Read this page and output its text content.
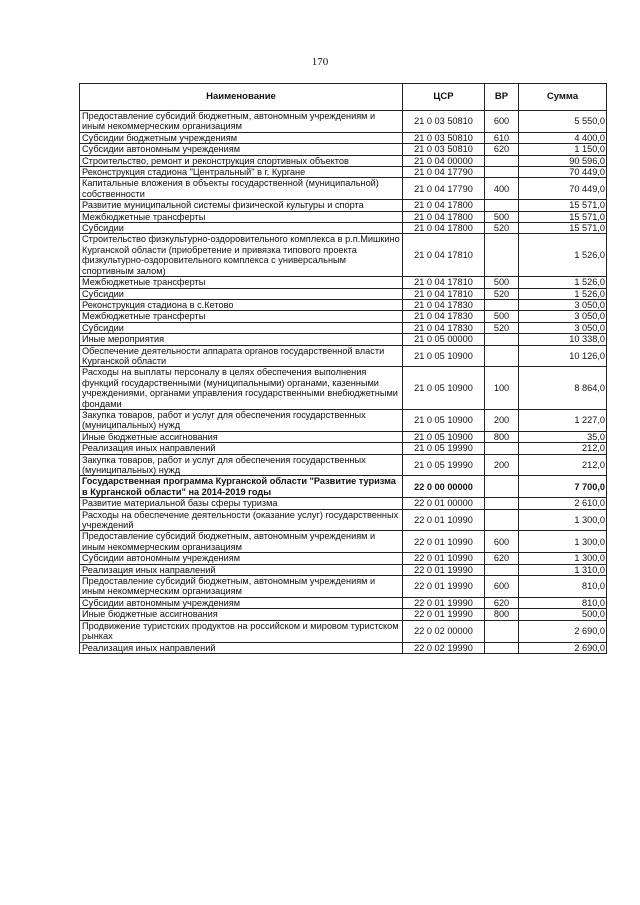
170
Наименование	ЦСР	ВР	Сумма
Предоставление субсидий бюджетным, автономным учреждениям и иным некоммерческим организациям	21 0 03 50810	600	5 550,0
Субсидии бюджетным учреждениям	21 0 03 50810	610	4 400,0
Субсидии автономным учреждениям	21 0 03 50810	620	1 150,0
Строительство, ремонт и реконструкция спортивных объектов	21 0 04 00000		90 596,0
Реконструкция стадиона "Центральный" в г. Кургане	21 0 04 17790		70 449,0
Капитальные вложения в объекты государственной (муниципальной) собственности	21 0 04 17790	400	70 449,0
Развитие муниципальной системы физической культуры и спорта	21 0 04 17800		15 571,0
Межбюджетные трансферты	21 0 04 17800	500	15 571,0
Субсидии	21 0 04 17800	520	15 571,0
Строительство физкультурно-оздоровительного комплекса в р.п.Мишкино Курганской области (приобретение и привязка типового проекта физкультурно-оздоровительного комплекса с универсальным спортивным залом)	21 0 04 17810		1 526,0
Межбюджетные трансферты	21 0 04 17810	500	1 526,0
Субсидии	21 0 04 17810	520	1 526,0
Реконструкция стадиона в с.Кетово	21 0 04 17830		3 050,0
Межбюджетные трансферты	21 0 04 17830	500	3 050,0
Субсидии	21 0 04 17830	520	3 050,0
Иные мероприятия	21 0 05 00000		10 338,0
Обеспечение деятельности аппарата органов государственной власти Курганской области	21 0 05 10900		10 126,0
Расходы на выплаты персоналу в целях обеспечения выполнения функций государственными (муниципальными) органами, казенными учреждениями, органами управления государственными внебюджетными фондами	21 0 05 10900	100	8 864,0
Закупка товаров, работ и услуг для обеспечения государственных (муниципальных) нужд	21 0 05 10900	200	1 227,0
Иные бюджетные ассигнования	21 0 05 10900	800	35,0
Реализация иных направлений	21 0 05 19990		212,0
Закупка товаров, работ и услуг для обеспечения государственных (муниципальных) нужд	21 0 05 19990	200	212,0
Государственная программа Курганской области "Развитие туризма в Курганской области" на 2014-2019 годы	22 0 00 00000		7 700,0
Развитие материальной базы сферы туризма	22 0 01 00000		2 610,0
Расходы на обеспечение деятельности (оказание услуг) государственных учреждений	22 0 01 10990		1 300,0
Предоставление субсидий бюджетным, автономным учреждениям и иным некоммерческим организациям	22 0 01 10990	600	1 300,0
Субсидии автономным учреждениям	22 0 01 10990	620	1 300,0
Реализация иных направлений	22 0 01 19990		1 310,0
Предоставление субсидий бюджетным, автономным учреждениям и иным некоммерческим организациям	22 0 01 19990	600	810,0
Субсидии автономным учреждениям	22 0 01 19990	620	810,0
Иные бюджетные ассигнования	22 0 01 19990	800	500,0
Продвижение туристских продуктов на российском и мировом туристском рынках	22 0 02 00000		2 690,0
Реализация иных направлений	22 0 02 19990		2 690,0
